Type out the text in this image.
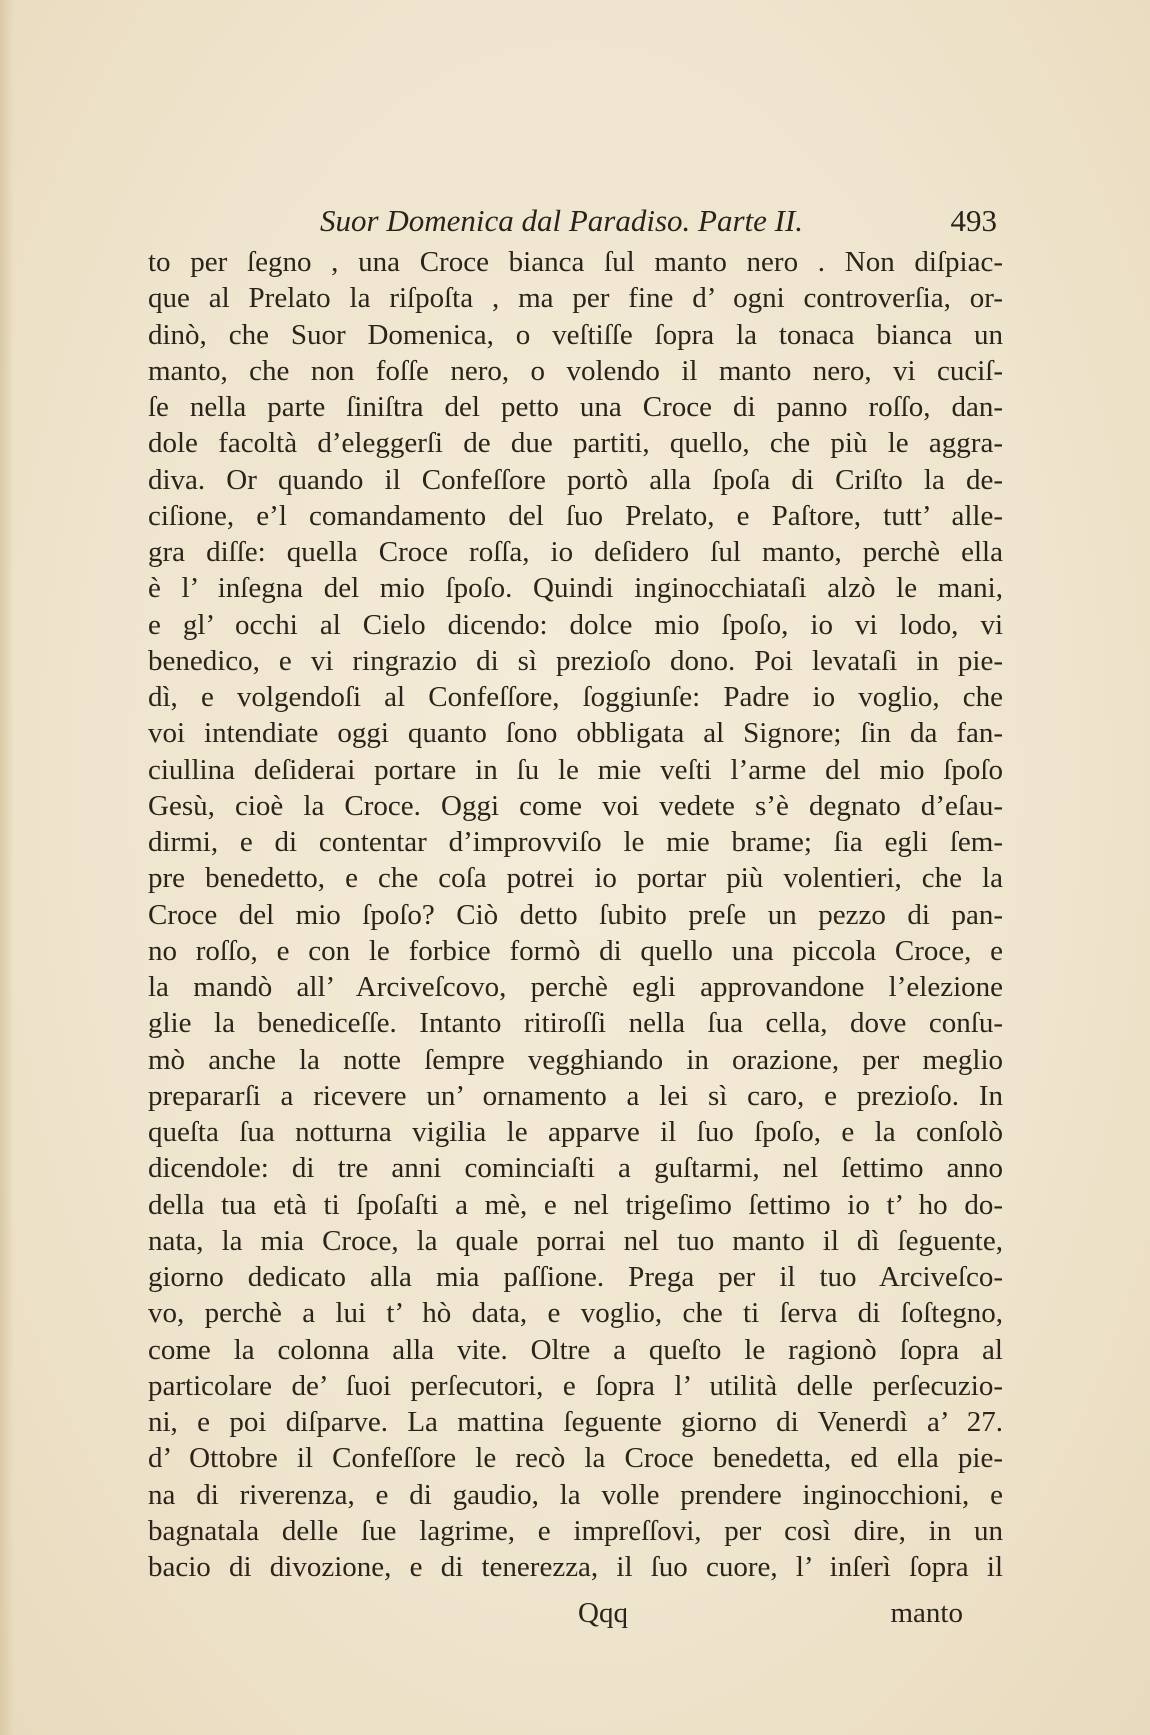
Suor Domenica dal Paradiso. Parte II.	493
to per ſegno , una Croce bianca ſul manto nero . Non diſpiac-
que al Prelato la riſpoſta , ma per fine d’ ogni controverſia, or-
dinò, che Suor Domenica, o veſtiſſe ſopra la tonaca bianca un
manto, che non foſſe nero, o volendo il manto nero, vi cuciſ-
ſe nella parte ſiniſtra del petto una Croce di panno roſſo, dan-
dole facoltà d’eleggerſi de due partiti, quello, che più le aggra-
diva. Or quando il Confeſſore portò alla ſpoſa di Criſto la de-
ciſione, e’l comandamento del ſuo Prelato, e Paſtore, tutt’ alle-
gra diſſe: quella Croce roſſa, io deſidero ſul manto, perchè ella
è l’ inſegna del mio ſpoſo. Quindi inginocchiataſi alzò le mani,
e gl’ occhi al Cielo dicendo: dolce mio ſpoſo, io vi lodo, vi
benedico, e vi ringrazio di sì prezioſo dono. Poi levataſi in pie-
dì, e volgendoſi al Confeſſore, ſoggiunſe: Padre io voglio, che
voi intendiate oggi quanto ſono obbligata al Signore; ſin da fan-
ciullina deſiderai portare in ſu le mie veſti l’arme del mio ſpoſo
Gesù, cioè la Croce. Oggi come voi vedete s’è degnato d’eſau-
dirmi, e di contentar d’improvviſo le mie brame; ſia egli ſem-
pre benedetto, e che coſa potrei io portar più volentieri, che la
Croce del mio ſpoſo? Ciò detto ſubito preſe un pezzo di pan-
no roſſo, e con le forbice formò di quello una piccola Croce, e
la mandò all’ Arciveſcovo, perchè egli approvandone l’elezione
glie la benediceſſe. Intanto ritiroſſi nella ſua cella, dove conſu-
mò anche la notte ſempre vegghiando in orazione, per meglio
prepararſi a ricevere un’ ornamento a lei sì caro, e prezioſo. In
queſta ſua notturna vigilia le apparve il ſuo ſpoſo, e la conſolò
dicendole: di tre anni cominciaſti a guſtarmi, nel ſettimo anno
della tua età ti ſpoſaſti a mè, e nel trigeſimo ſettimo io t’ ho do-
nata, la mia Croce, la quale porrai nel tuo manto il dì ſeguente,
giorno dedicato alla mia paſſione. Prega per il tuo Arciveſco-
vo, perchè a lui t’ hò data, e voglio, che ti ſerva di ſoſtegno,
come la colonna alla vite. Oltre a queſto le ragionò ſopra al
particolare de’ ſuoi perſecutori, e ſopra l’ utilità delle perſecuzio-
ni, e poi diſparve. La mattina ſeguente giorno di Venerdì a’ 27.
d’ Ottobre il Confeſſore le recò la Croce benedetta, ed ella pie-
na di riverenza, e di gaudio, la volle prendere inginocchioni, e
bagnatala delle ſue lagrime, e impreſſovi, per così dire, in un
bacio di divozione, e di tenerezza, il ſuo cuore, l’ inſerì ſopra il
Qqq	manto
